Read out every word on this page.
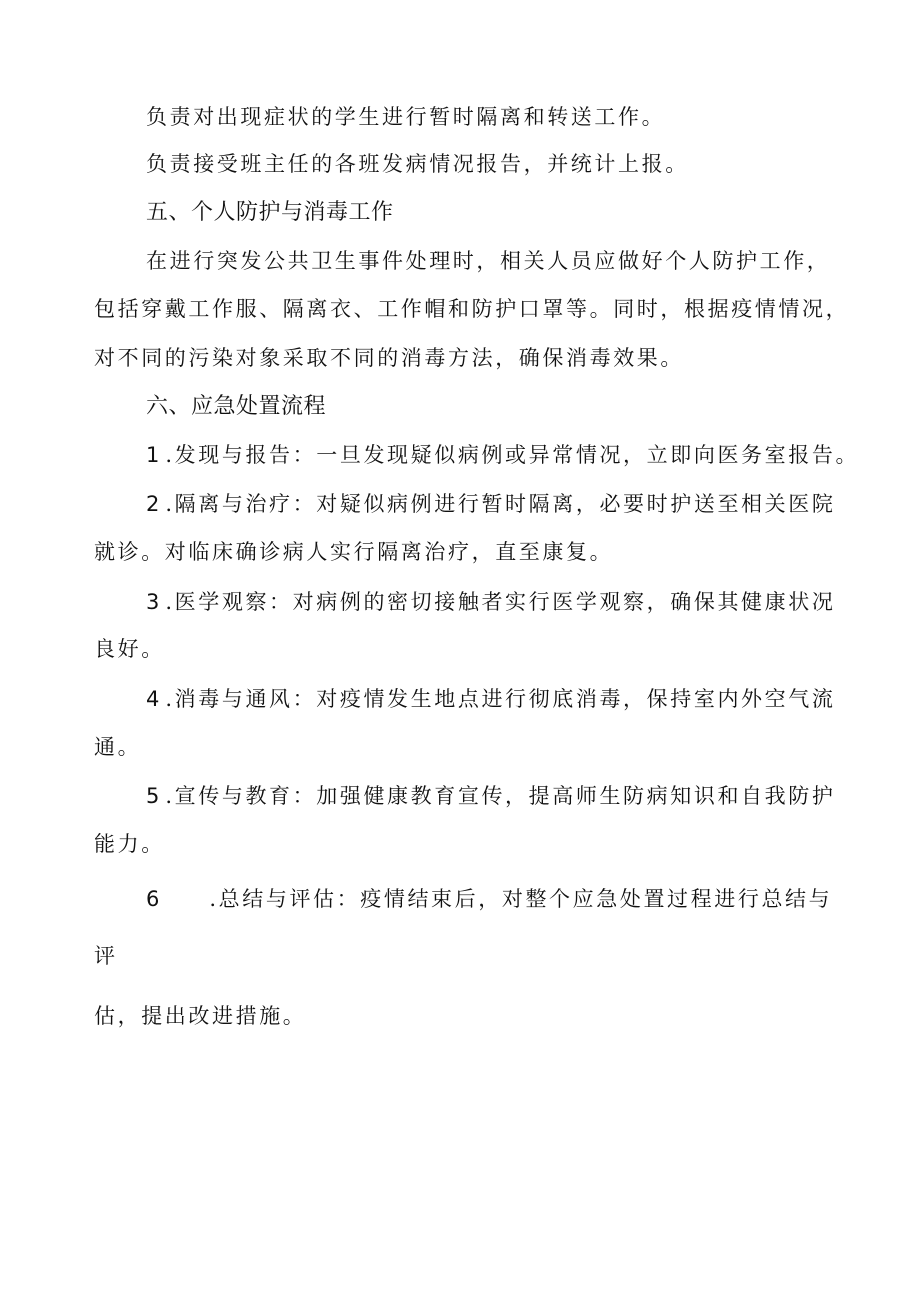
负责对出现症状的学生进行暂时隔离和转送工作。
负责接受班主任的各班发病情况报告，并统计上报。
五、个人防护与消毒工作
在进行突发公共卫生事件处理时，相关人员应做好个人防护工作，
包括穿戴工作服、隔离衣、工作帽和防护口罩等。同时，根据疫情情况，
对不同的污染对象采取不同的消毒方法，确保消毒效果。
六、应急处置流程
1 .发现与报告：一旦发现疑似病例或异常情况，立即向医务室报告。
2 .隔离与治疗：对疑似病例进行暂时隔离，必要时护送至相关医院
就诊。对临床确诊病人实行隔离治疗，直至康复。
3 .医学观察：对病例的密切接触者实行医学观察，确保其健康状况
良好。
4 .消毒与通风：对疫情发生地点进行彻底消毒，保持室内外空气流
通。
5 .宣传与教育：加强健康教育宣传，提高师生防病知识和自我防护
能力。
6 .总结与评估：疫情结束后，对整个应急处置过程进行总结与
评
估，提出改进措施。
